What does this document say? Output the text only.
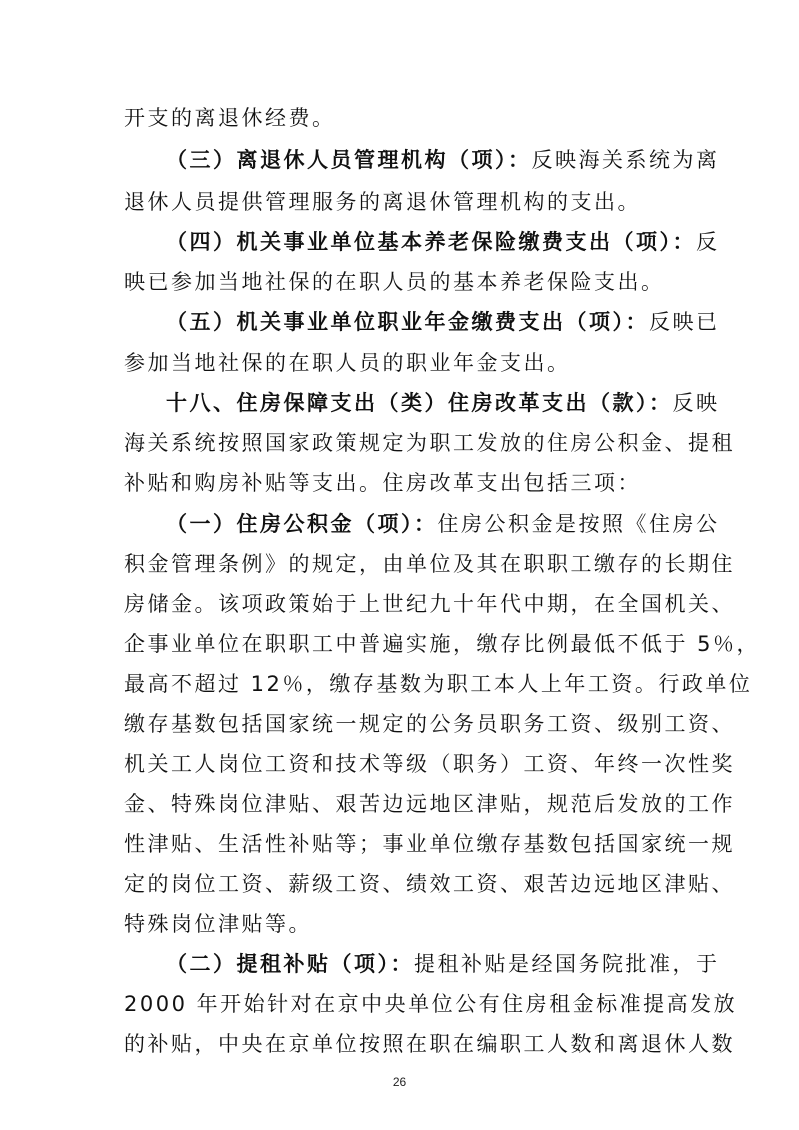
开支的离退休经费。
（三）离退休人员管理机构（项）：反映海关系统为离
退休人员提供管理服务的离退休管理机构的支出。
（四）机关事业单位基本养老保险缴费支出（项）：反
映已参加当地社保的在职人员的基本养老保险支出。
（五）机关事业单位职业年金缴费支出（项）：反映已
参加当地社保的在职人员的职业年金支出。
十八、住房保障支出（类）住房改革支出（款）：反映
海关系统按照国家政策规定为职工发放的住房公积金、提租
补贴和购房补贴等支出。住房改革支出包括三项：
（一）住房公积金（项）：住房公积金是按照《住房公
积金管理条例》的规定，由单位及其在职职工缴存的长期住
房储金。该项政策始于上世纪九十年代中期，在全国机关、
企事业单位在职职工中普遍实施，缴存比例最低不低于 5％，
最高不超过 12％，缴存基数为职工本人上年工资。行政单位
缴存基数包括国家统一规定的公务员职务工资、级别工资、
机关工人岗位工资和技术等级（职务）工资、年终一次性奖
金、特殊岗位津贴、艰苦边远地区津贴，规范后发放的工作
性津贴、生活性补贴等；事业单位缴存基数包括国家统一规
定的岗位工资、薪级工资、绩效工资、艰苦边远地区津贴、
特殊岗位津贴等。
（二）提租补贴（项）：提租补贴是经国务院批准，于
2000 年开始针对在京中央单位公有住房租金标准提高发放
的补贴，中央在京单位按照在职在编职工人数和离退休人数
26
